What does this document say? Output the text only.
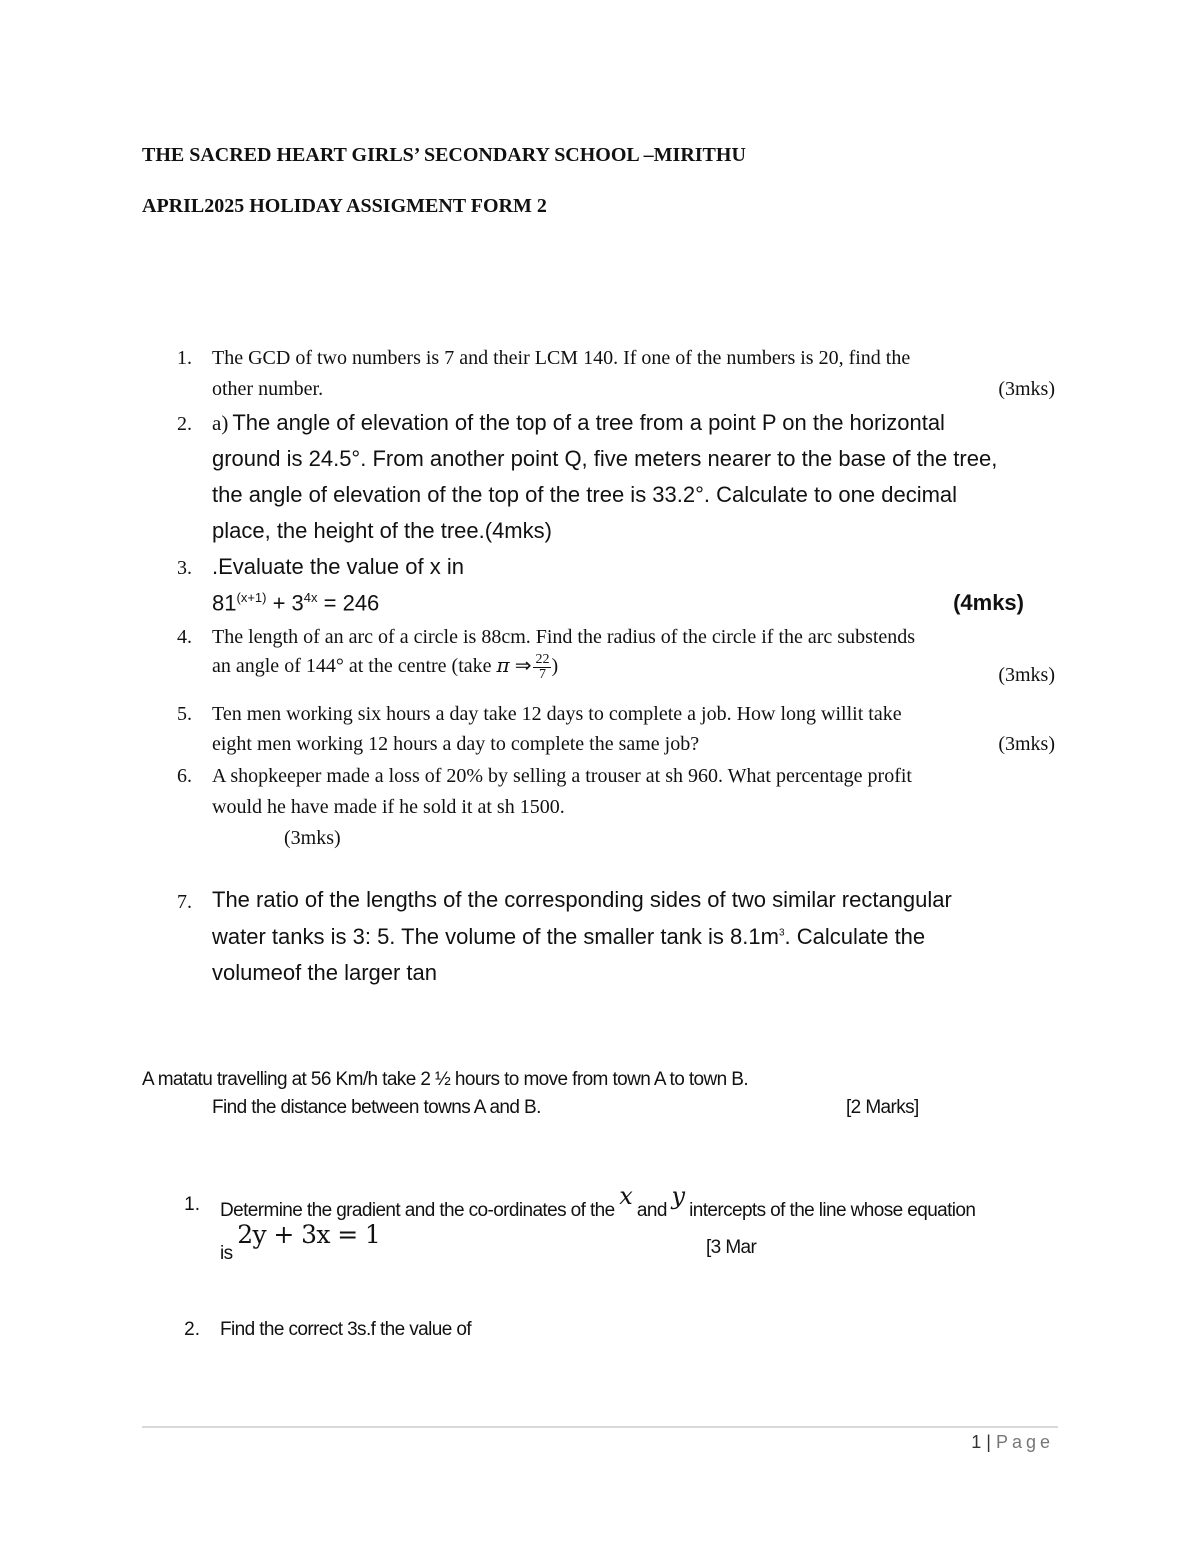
THE SACRED HEART GIRLS’ SECONDARY SCHOOL –MIRITHU
APRIL2025 HOLIDAY ASSIGMENT FORM 2
1. The GCD of two numbers is 7 and their LCM 140. If one of the numbers is 20, find the
other number.	(3mks)
2. a) The angle of elevation of the top of a tree from a point P on the horizontal
ground is 24.5°. From another point Q, five meters nearer to the base of the tree,
the angle of elevation of the top of the tree is 33.2°. Calculate to one decimal
place, the height of the tree.(4mks)
3. .Evaluate the value of x in
$81^{(x+1)} + 3^{4x} = 246$	(4mks)
4. The length of an arc of a circle is 88cm. Find the radius of the circle if the arc substends
an angle of 144° at the centre (take π ⇒ $\frac{22}{7}$ )	(3mks)
5. Ten men working six hours a day take 12 days to complete a job. How long willit take
eight men working 12 hours a day to complete the same job?	(3mks)
6. A shopkeeper made a loss of 20% by selling a trouser at sh 960. What percentage profit
would he have made if he sold it at sh 1500.
(3mks)
7. The ratio of the lengths of the corresponding sides of two similar rectangular
water tanks is 3: 5. The volume of the smaller tank is $8.1m^3$. Calculate the
volumeof the larger tan
A matatu travelling at 56 Km/h take 2 ½ hours to move from town A to town B.
Find the distance between towns A and B.	[2 Marks]
1. Determine the gradient and the co-ordinates of the x and y intercepts of the line whose equation
is 2y + 3x = 1	[3 Mar
2. Find the correct 3s.f the value of
1 | Page
